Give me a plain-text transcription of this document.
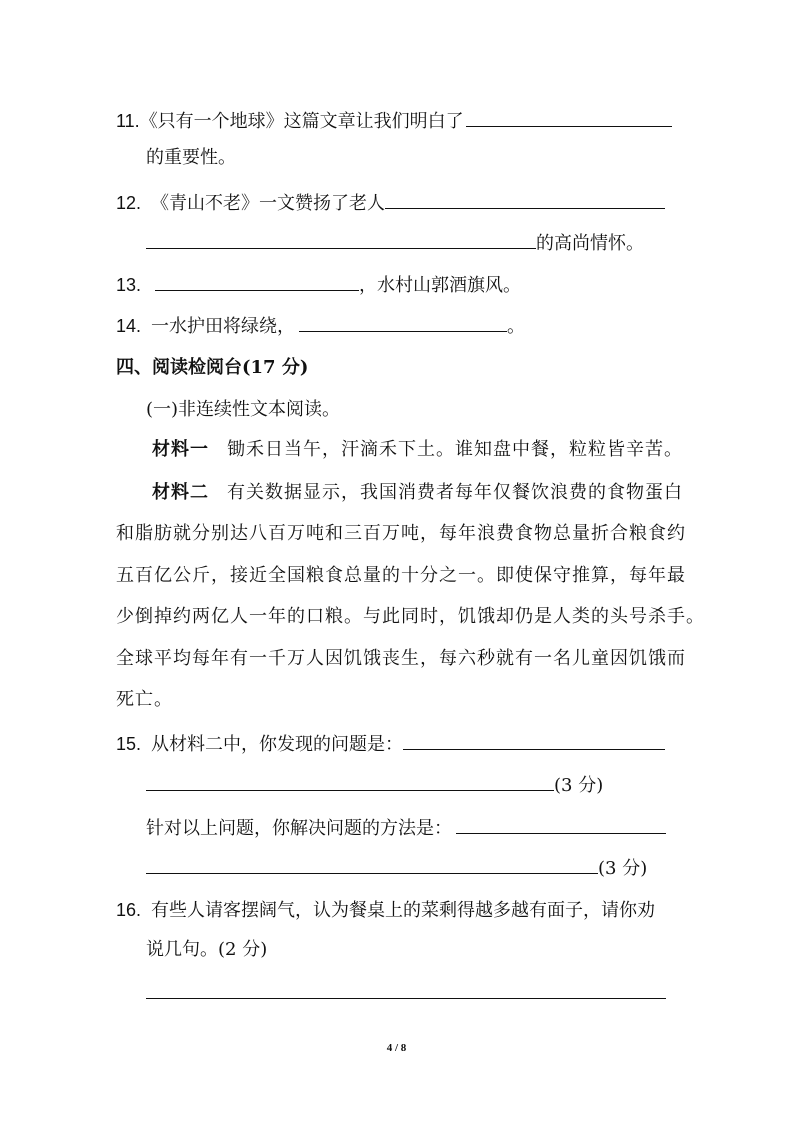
11.《只有一个地球》这篇文章让我们明白了
的重要性。
12. 《青山不老》一文赞扬了老人
的高尚情怀。
13.	，水村山郭酒旗风。
14. 一水护田将绿绕，	。
四、阅读检阅台(17 分)
(一)非连续性文本阅读。
材料一 锄禾日当午，汗滴禾下土。谁知盘中餐，粒粒皆辛苦。
材料二 有关数据显示，我国消费者每年仅餐饮浪费的食物蛋白
和脂肪就分别达八百万吨和三百万吨，每年浪费食物总量折合粮食约
五百亿公斤，接近全国粮食总量的十分之一。即使保守推算，每年最
少倒掉约两亿人一年的口粮。与此同时，饥饿却仍是人类的头号杀手。
全球平均每年有一千万人因饥饿丧生，每六秒就有一名儿童因饥饿而
死亡。
15. 从材料二中，你发现的问题是：
(3 分)
针对以上问题，你解决问题的方法是：
(3 分)
16. 有些人请客摆阔气，认为餐桌上的菜剩得越多越有面子，请你劝
说几句。(2 分)
4 / 8
